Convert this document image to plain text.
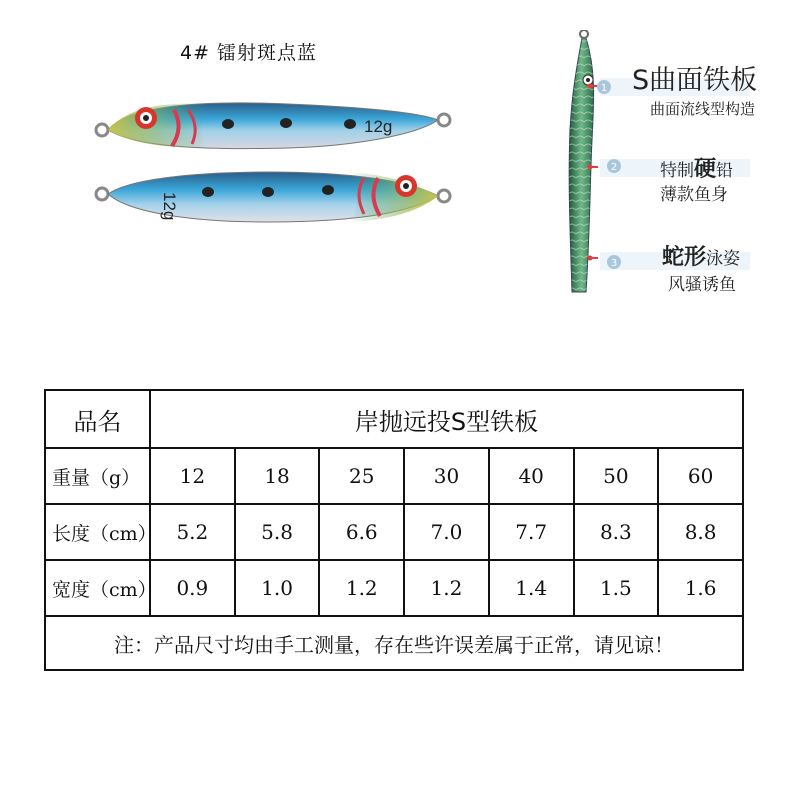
4# 镭射斑点蓝
12g
12g
1
2
3
S曲面铁板
曲面流线型构造
特制硬铅
薄款鱼身
蛇形泳姿
风骚诱鱼
品名	岸抛远投S型铁板						
重量（g）	12	18	25	30	40	50	60
长度（cm）	5.2	5.8	6.6	7.0	7.7	8.3	8.8
宽度（cm）	0.9	1.0	1.2	1.2	1.4	1.5	1.6
注：产品尺寸均由手工测量，存在些许误差属于正常，请见谅！							
